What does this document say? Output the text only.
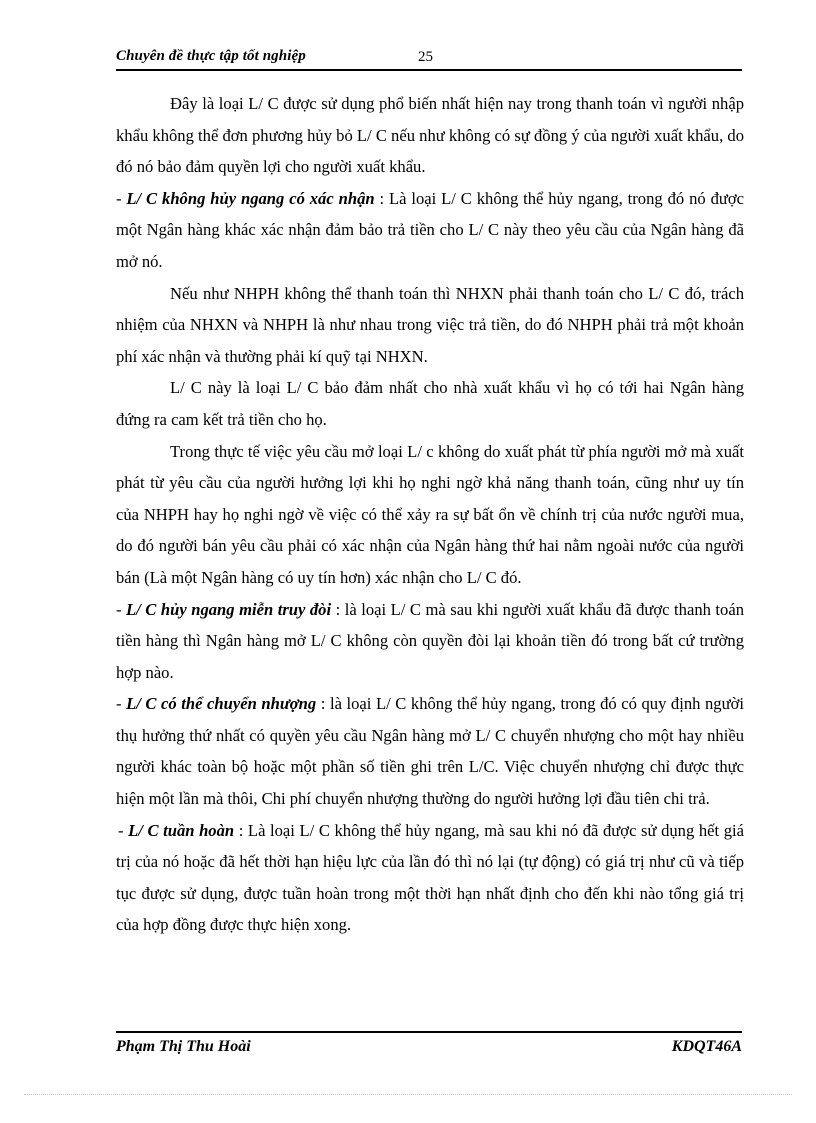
Chuyên đề thực tập tốt nghiệp	25

Đây là loại L/ C được sử dụng phổ biến nhất hiện nay trong thanh toán vì người nhập khẩu không thể đơn phương hủy bỏ L/ C nếu như không có sự đồng ý của người xuất khẩu, do đó nó bảo đảm quyền lợi cho người xuất khẩu.

- L/ C không hủy ngang có xác nhận : Là loại L/ C không thể hủy ngang, trong đó nó được một Ngân hàng khác xác nhận đảm bảo trả tiền cho L/ C này theo yêu cầu của Ngân hàng đã mở nó.

Nếu như NHPH không thể thanh toán thì NHXN phải thanh toán cho L/ C đó, trách nhiệm của NHXN và NHPH là như nhau trong việc trả tiền, do đó NHPH phải trả một khoản phí xác nhận và thường phải kí quỹ tại NHXN.

L/ C này là loại L/ C bảo đảm nhất cho nhà xuất khẩu vì họ có tới hai Ngân hàng đứng ra cam kết trả tiền cho họ.

Trong thực tế việc yêu cầu mở loại L/ c không do xuất phát từ phía người mở mà xuất phát từ yêu cầu của người hưởng lợi khi họ nghi ngờ khả năng thanh toán, cũng như uy tín của NHPH hay họ nghi ngờ về việc có thể xảy ra sự bất ổn về chính trị của nước người mua, do đó người bán yêu cầu phải có xác nhận của Ngân hàng thứ hai nằm ngoài nước của người bán (Là một Ngân hàng có uy tín hơn) xác nhận cho L/ C đó.

- L/ C hủy ngang miễn truy đòi : là loại L/ C mà sau khi người xuất khẩu đã được thanh toán tiền hàng thì Ngân hàng mở L/ C không còn quyền đòi lại khoản tiền đó trong bất cứ trường hợp nào.

- L/ C có thể chuyển nhượng : là loại L/ C không thể hủy ngang, trong đó có quy định người thụ hưởng thứ nhất có quyền yêu cầu Ngân hàng mở L/ C chuyển nhượng cho một hay nhiều người khác toàn bộ hoặc một phần số tiền ghi trên L/C. Việc chuyển nhượng chỉ được thực hiện một lần mà thôi, Chi phí chuyển nhượng thường do người hưởng lợi đầu tiên chi trả.

- L/ C tuần hoàn : Là loại L/ C không thể hủy ngang, mà sau khi nó đã được sử dụng hết giá trị của nó hoặc đã hết thời hạn hiệu lực của lần đó thì nó lại (tự động) có giá trị như cũ và tiếp tục được sử dụng, được tuần hoàn trong một thời hạn nhất định cho đến khi nào tổng giá trị của hợp đồng được thực hiện xong.

Phạm Thị Thu Hoài	KDQT46A
